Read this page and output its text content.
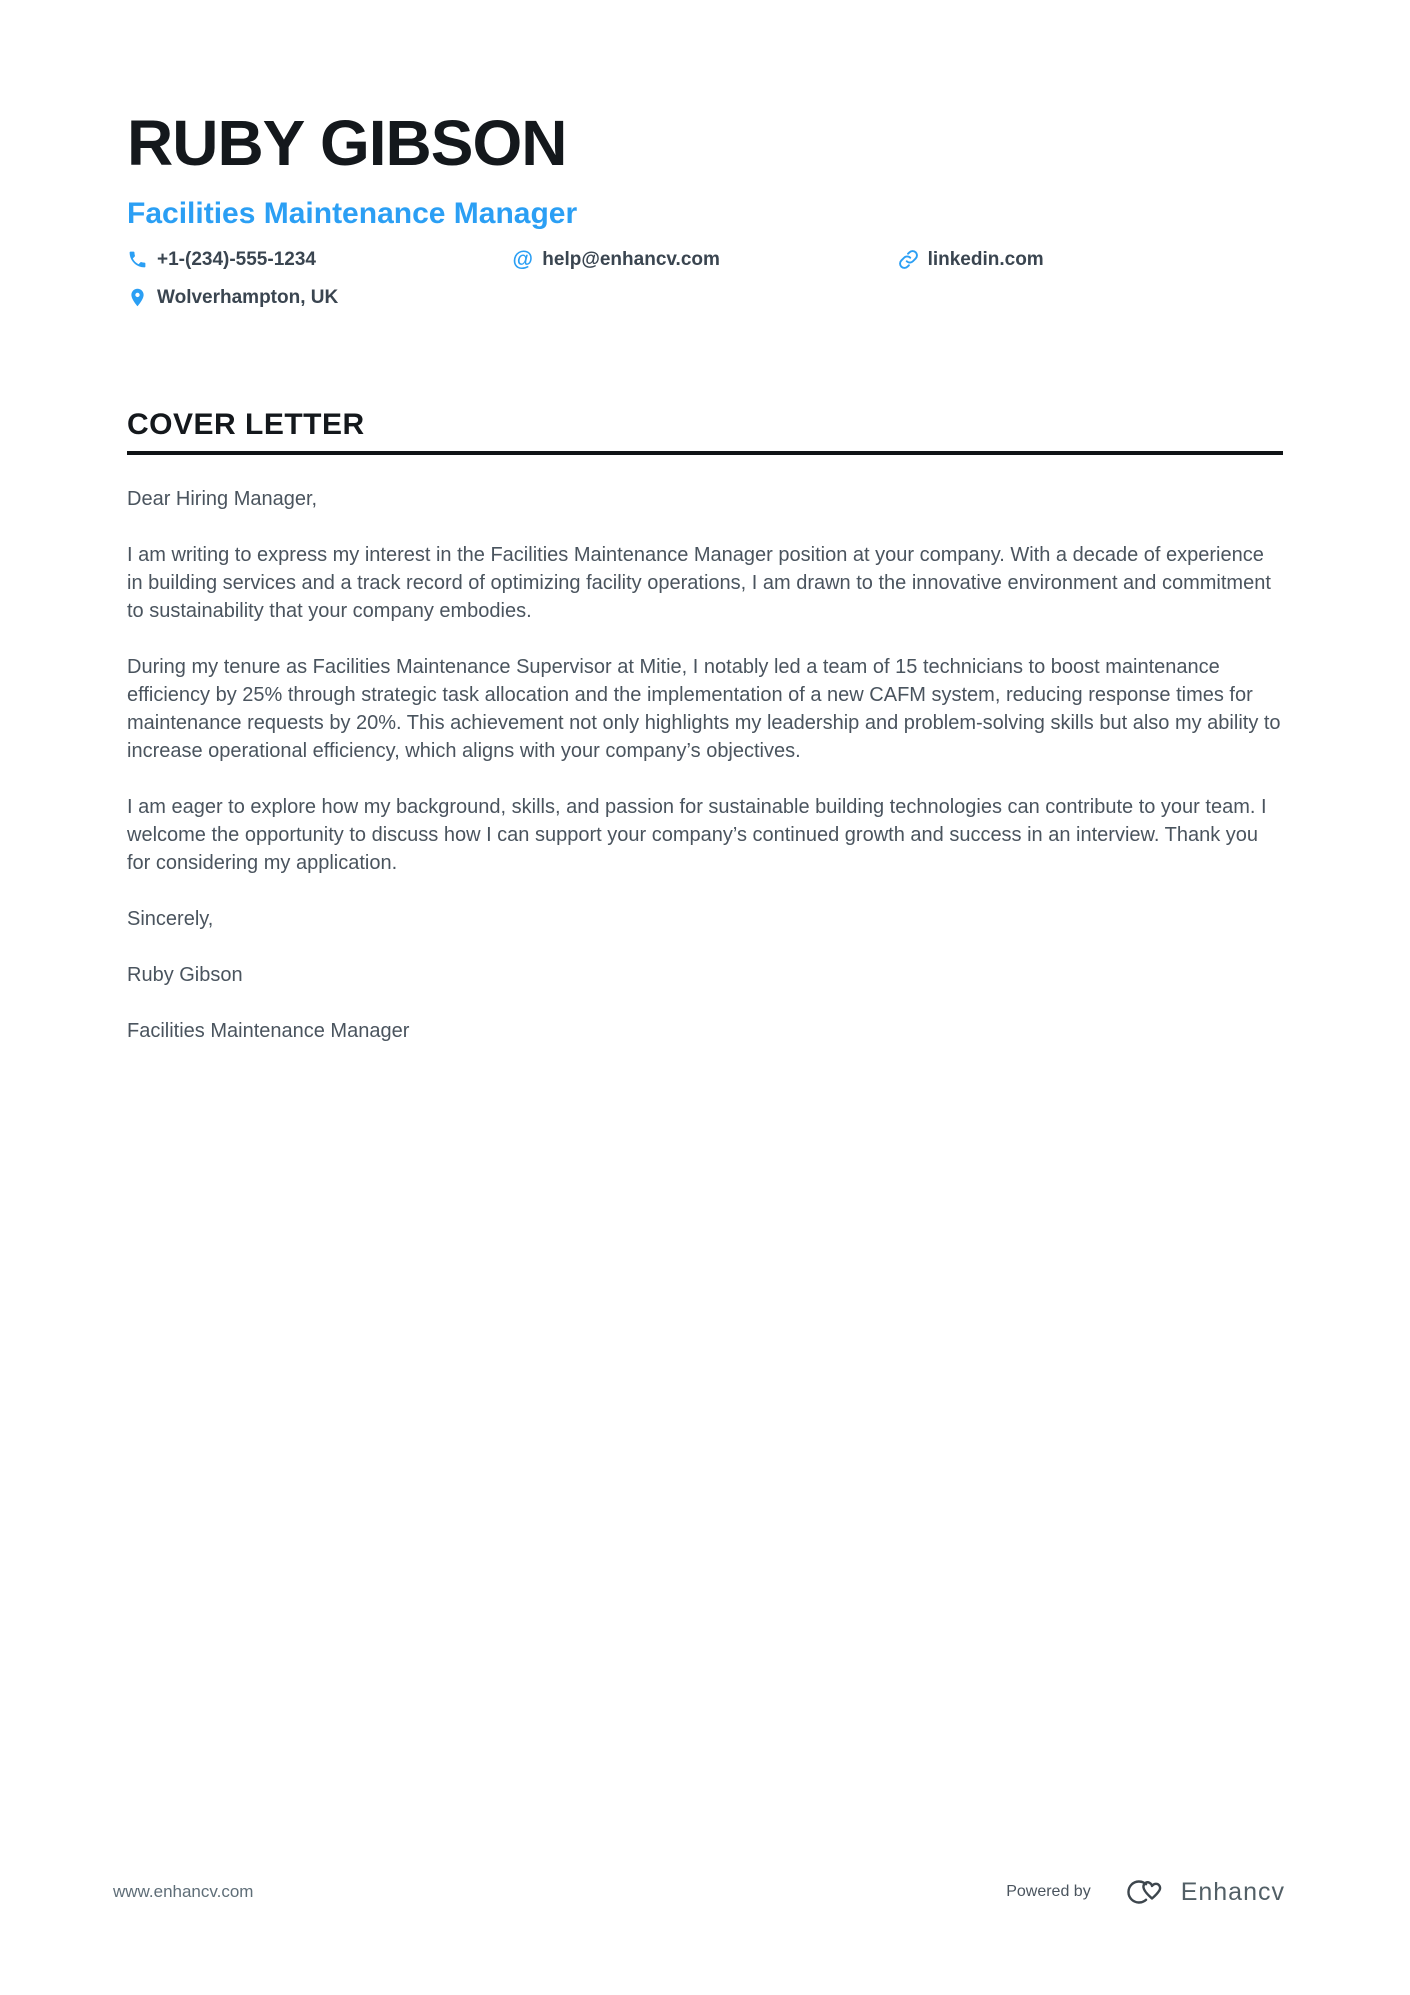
RUBY GIBSON
Facilities Maintenance Manager
+1-(234)-555-1234	@ help@enhancv.com	linkedin.com
Wolverhampton, UK
COVER LETTER

Dear Hiring Manager,

I am writing to express my interest in the Facilities Maintenance Manager position at your company. With a decade of experience in building services and a track record of optimizing facility operations, I am drawn to the innovative environment and commitment to sustainability that your company embodies.

During my tenure as Facilities Maintenance Supervisor at Mitie, I notably led a team of 15 technicians to boost maintenance efficiency by 25% through strategic task allocation and the implementation of a new CAFM system, reducing response times for maintenance requests by 20%. This achievement not only highlights my leadership and problem-solving skills but also my ability to increase operational efficiency, which aligns with your company’s objectives.

I am eager to explore how my background, skills, and passion for sustainable building technologies can contribute to your team. I welcome the opportunity to discuss how I can support your company’s continued growth and success in an interview. Thank you for considering my application.

Sincerely,

Ruby Gibson

Facilities Maintenance Manager

www.enhancv.com	Powered by	Enhancv
